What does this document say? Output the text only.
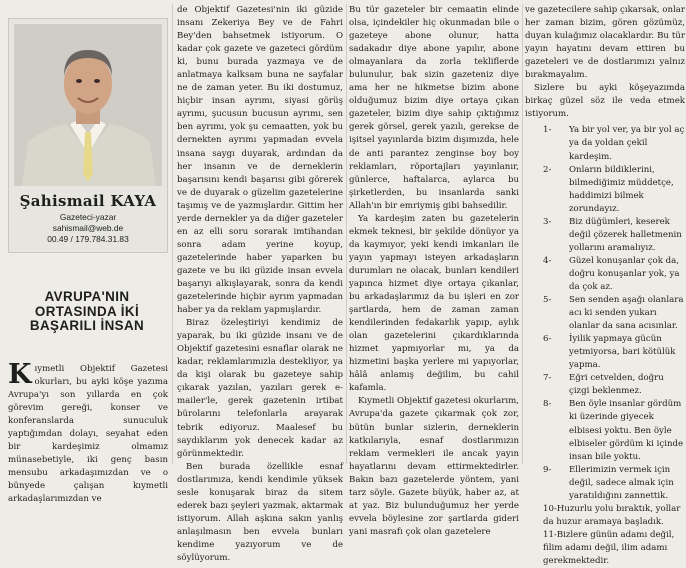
Şahismail KAYA
Gazeteci-yazar
sahismail@web.de
00.49 / 179.784.31.83
AVRUPA'NIN
ORTASINDA İKİ
BAŞARILI İNSAN
Kıymetli Objektif Gazetesi okurları, bu ayki köşe yazıma Avrupa'yı son yıllarda en çok görevim gereği, konser ve konferanslarda sunuculuk yaptığımdan dolayı, seyahat eden bir kardeşimiz olmamız münasebetiyle, iki genç basın mensubu arkadaşımızdan ve o bünyede çalışan kıymetli arkadaşlarımızdan ve

de Objektif Gazetesi'nin iki güzide insanı Zekeriya Bey ve de Fahri Bey'den bahsetmek istiyorum. O kadar çok gazete ve gazeteci gördüm ki, bunu burada yazmaya ve de anlatmaya kalksam buna ne sayfalar ne de zaman yeter. Bu iki dostumuz, hiçbir insan ayrımı, siyasi görüş ayrımı, şucusun bucusun ayrımı, sen ben ayrımı, yok şu cemaatten, yok bu dernekten ayrımı yapmadan evvela insana saygı duyarak, ardından da her insanın ve de derneklerin başarısını kendi başarısı gibi görerek ve de duyarak o güzelim gazetelerine taşımış ve de yazmışlardır. Gittim her yerde dernekler ya da diğer gazeteler en az elli soru sorarak imtihandan sonra adam yerine koyup, gazetelerinde haber yaparken bu gazete ve bu iki güzide insan evvela başarıyı alkışlayarak, sonra da kendi gazetelerinde hiçbir ayrım yapmadan haber ya da reklam yapmışlardır.

Biraz özeleştiriyi kendimiz de yaparak, bu iki güzide insanı ve de Objektif gazetesini esnaflar olarak ne kadar, reklamlarımızla destekliyor, ya da kişi olarak bu gazeteye sahip çıkarak yazılan, yazıları gerek e-mailer'le, gerek gazetenin irtibat bürolarını telefonlarla arayarak tebrik ediyoruz. Maalesef bu saydıklarım yok denecek kadar az görünmektedir.

Ben burada özellikle esnaf dostlarımıza, kendi kendimle yüksek sesle konuşarak biraz da sitem ederek bazı şeyleri yazmak, aktarmak istiyorum. Allah aşkına sakın yanlış anlaşılmasın ben evvela bunları kendime yazıyorum ve de söylüyorum.

Bu tür gazeteler bir cemaatin elinde olsa, içindekiler hiç okunmadan bile o gazeteye abone olunur, hatta sadakadır diye abone yapılır, abone olmayanlara da zorla tekliflerde bulunulur, bak sizin gazeteniz diye ama her ne hikmetse bizim abone olduğumuz bizim diye ortaya çıkan gazeteler, bizim diye sahip çıktığımız gerek görsel, gerek yazılı, gerekse de işitsel yayınlarda bizim dışımızda, hele de anti parantez zenginse boy boy reklamları, röportajları yayınlanır, günlerce, haftalarca, aylarca bu şirketlerden, bu insanlarda sanki Allah'ın bir emriymiş gibi bahsedilir.

Ya kardeşim zaten bu gazetelerin ekmek teknesi, bir şekilde dönüyor ya da kaymıyor, yeki kendi imkanları ile yayın yapmayı isteyen arkadaşların durumları ne olacak, bunları kendileri yapınca hizmet diye ortaya çıkanlar, bu arkadaşlarımız da bu işleri en zor şartlarda, hem de zaman zaman kendilerinden fedakarlık yapıp, aylık olan gazetelerini çıkardıklarında hizmet yapmıyorlar mı, ya da hizmetini başka yerlere mi yapıyorlar, hâlâ anlamış değilim, bu cahil kafamla.

Kıymetli Objektif gazetesi okurlarım, Avrupa'da gazete çıkarmak çok zor, bütün bunlar sizlerin, derneklerin katkılarıyla, esnaf dostlarımızın reklam vermekleri ile ancak yayın hayatlarını devam ettirmektedirler. Bakın bazı gazetelerde yöntem, yani tarz söyle. Gazete büyük, haber az, at at yaz. Biz bulunduğumuz her yerde evvela böylesine zor şartlarda gideri yani masrafı çok olan gazetelere

ve gazetecilere sahip çıkarsak, onlar her zaman bizim, gören gözümüz, duyan kulağımız olacaklardır. Bu tür yayın hayatını devam ettiren bu gazeteleri ve de dostlarımızı yalnız bırakmayalım.

Sizlere bu ayki köşeyazımda birkaç güzel söz ile veda etmek istiyorum.

1-	Ya bir yol ver, ya bir yol aç ya da yoldan çekil kardeşim.
2-	Onların bildiklerini, bilmediğimiz müddetçe, haddimizi bilmek zorundayız.
3-	Biz düğümleri, keserek değil çözerek halletmenin yollarını aramalıyız.
4-	Güzel konuşanlar çok da, doğru konuşanlar yok, ya da çok az.
5-	Sen senden aşağı olanlara acı ki senden yukarı olanlar da sana acısınlar.
6-	İyilik yapmaya gücün yetmiyorsa, bari kötülük yapma.
7-	Eğri cetvelden, doğru çizgi beklenmez.
8-	Ben öyle insanlar gördüm ki üzerinde giyecek elbisesi yoktu. Ben öyle elbiseler gördüm ki içinde insan bile yoktu.
9-	Ellerimizin vermek için değil, sadece almak için yaratıldığını zannettik.
10-Huzurlu yolu bıraktık, yollar da huzur aramaya başladık.
11-Bizlere günün adamı değil, filim adamı değil, ilim adamı gerekmektedir.
